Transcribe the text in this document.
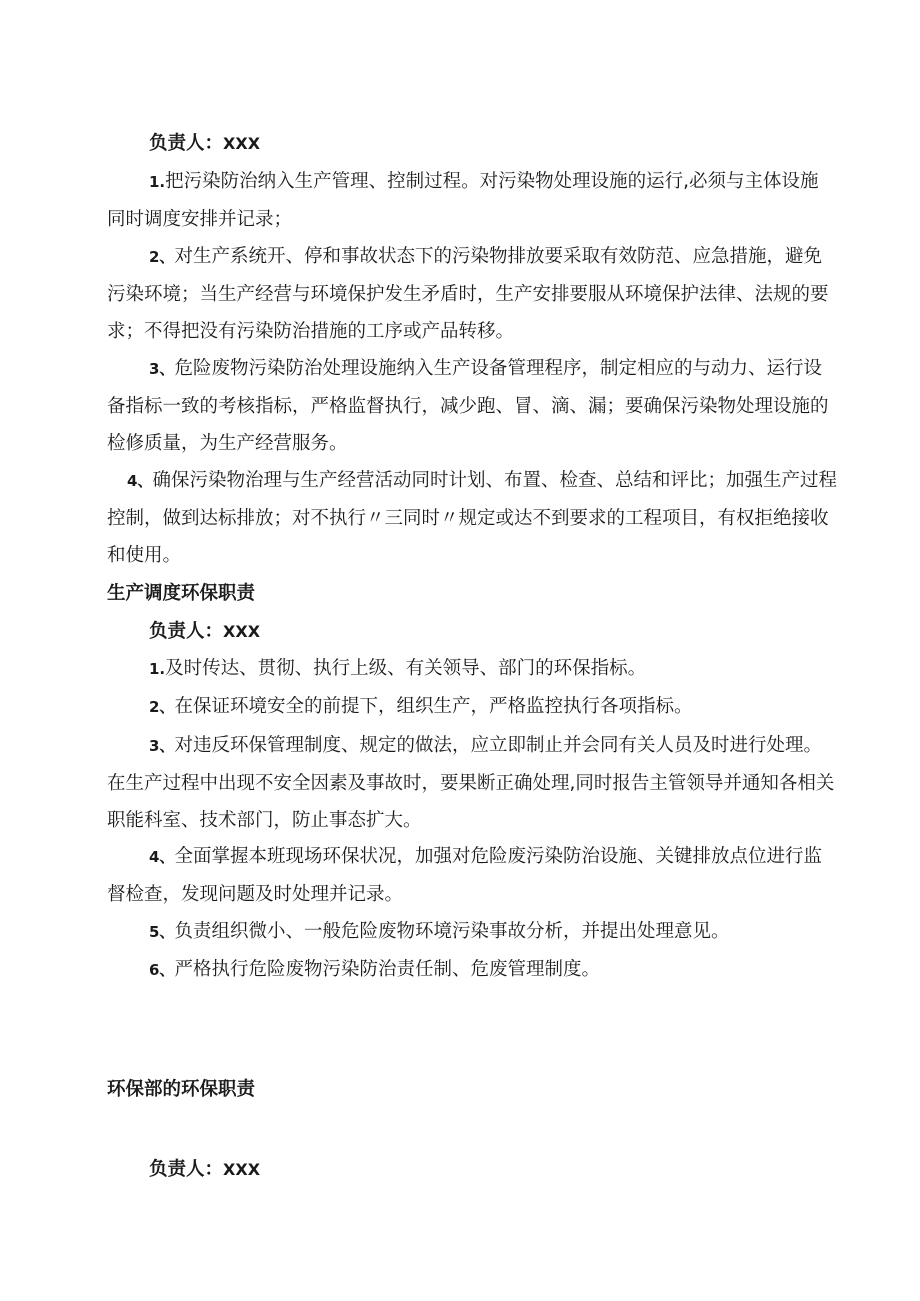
负责人：XXX

1.把污染防治纳入生产管理、控制过程。对污染物处理设施的运行,必须与主体设施同时调度安排并记录；

2、对生产系统开、停和事故状态下的污染物排放要采取有效防范、应急措施，避免污染环境；当生产经营与环境保护发生矛盾时，生产安排要服从环境保护法律、法规的要求；不得把没有污染防治措施的工序或产品转移。

3、危险废物污染防治处理设施纳入生产设备管理程序，制定相应的与动力、运行设备指标一致的考核指标，严格监督执行，减少跑、冒、滴、漏；要确保污染物处理设施的检修质量，为生产经营服务。

4、确保污染物治理与生产经营活动同时计划、布置、检查、总结和评比；加强生产过程控制，做到达标排放；对不执行〃三同时〃规定或达不到要求的工程项目，有权拒绝接收和使用。

生产调度环保职责

负责人：XXX

1.及时传达、贯彻、执行上级、有关领导、部门的环保指标。

2、在保证环境安全的前提下，组织生产，严格监控执行各项指标。

3、对违反环保管理制度、规定的做法，应立即制止并会同有关人员及时进行处理。在生产过程中出现不安全因素及事故时，要果断正确处理,同时报告主管领导并通知各相关职能科室、技术部门，防止事态扩大。

4、全面掌握本班现场环保状况，加强对危险废污染防治设施、关键排放点位进行监督检查，发现问题及时处理并记录。

5、负责组织微小、一般危险废物环境污染事故分析，并提出处理意见。

6、严格执行危险废物污染防治责任制、危废管理制度。

环保部的环保职责

负责人：XXX
